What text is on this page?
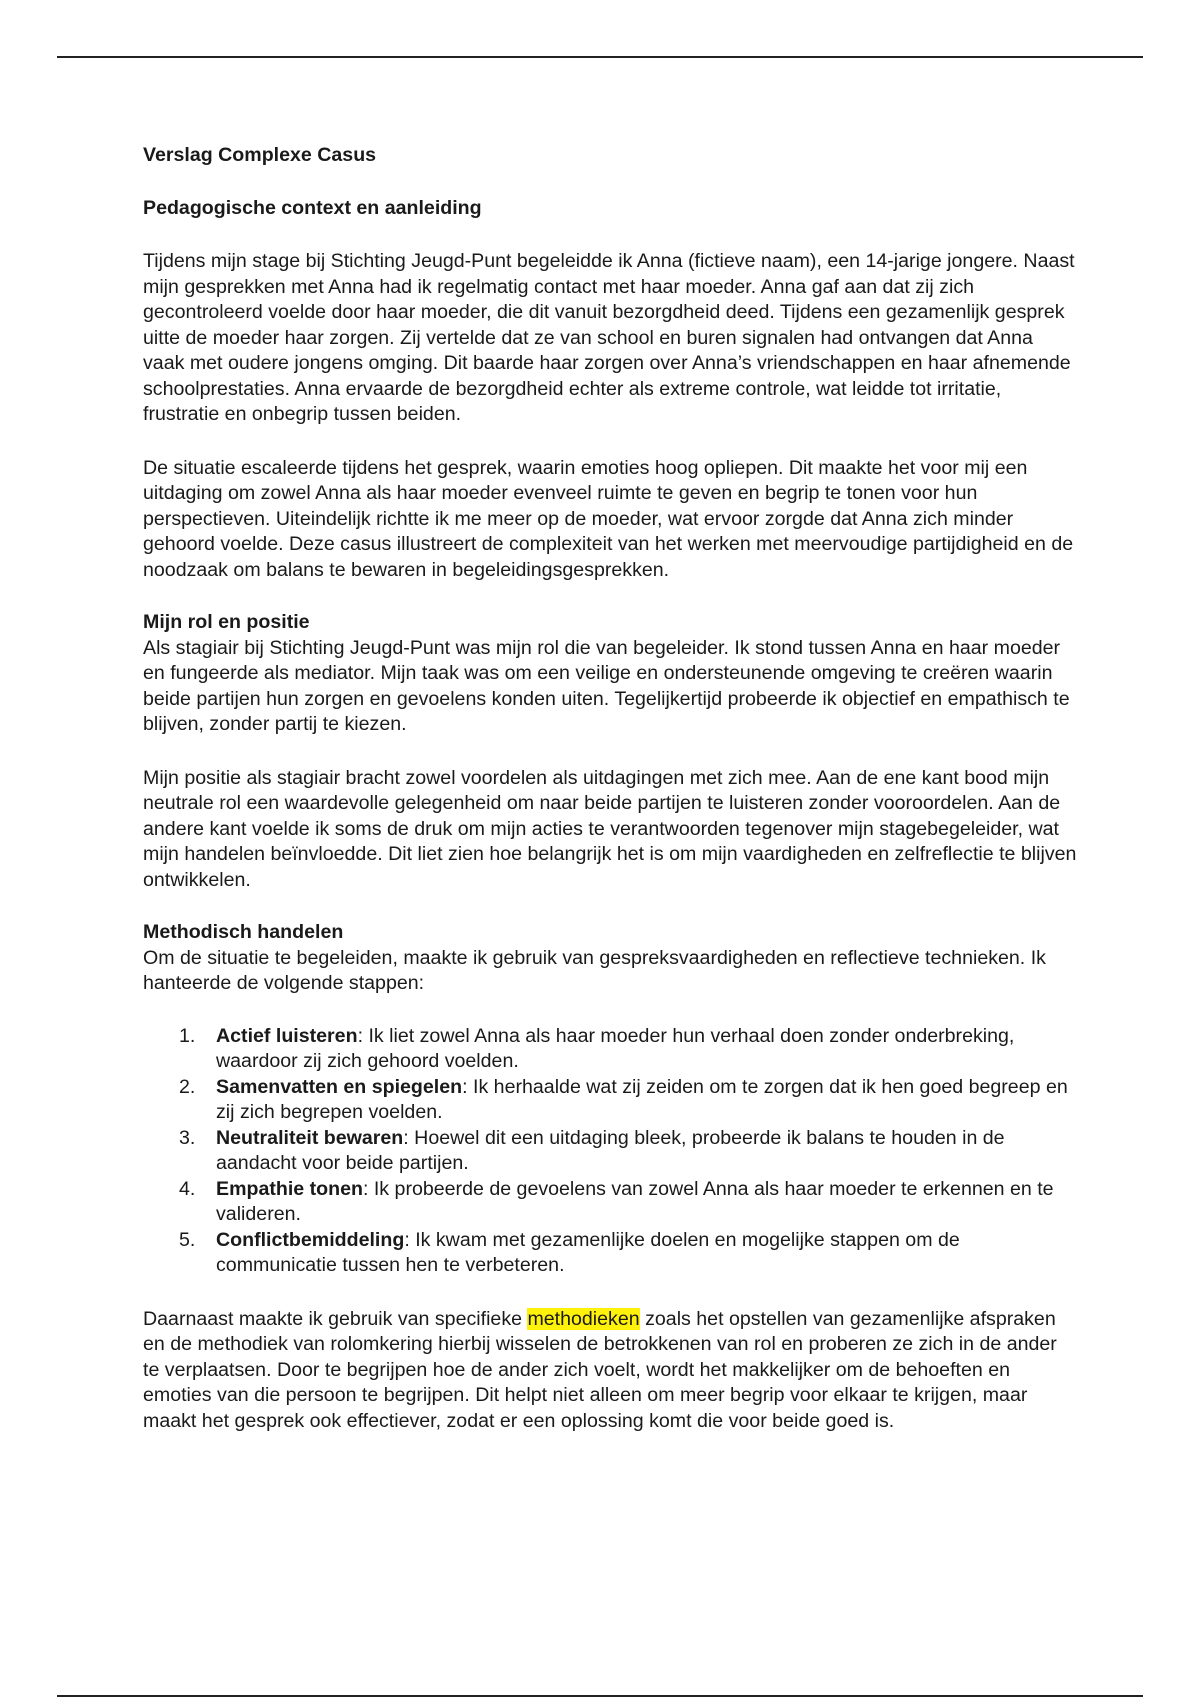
Verslag Complexe Casus

Pedagogische context en aanleiding

Tijdens mijn stage bij Stichting Jeugd-Punt begeleidde ik Anna (fictieve naam), een 14-jarige jongere. Naast mijn gesprekken met Anna had ik regelmatig contact met haar moeder. Anna gaf aan dat zij zich gecontroleerd voelde door haar moeder, die dit vanuit bezorgdheid deed. Tijdens een gezamenlijk gesprek uitte de moeder haar zorgen. Zij vertelde dat ze van school en buren signalen had ontvangen dat Anna vaak met oudere jongens omging. Dit baarde haar zorgen over Anna’s vriendschappen en haar afnemende schoolprestaties. Anna ervaarde de bezorgdheid echter als extreme controle, wat leidde tot irritatie, frustratie en onbegrip tussen beiden.

De situatie escaleerde tijdens het gesprek, waarin emoties hoog opliepen. Dit maakte het voor mij een uitdaging om zowel Anna als haar moeder evenveel ruimte te geven en begrip te tonen voor hun perspectieven. Uiteindelijk richtte ik me meer op de moeder, wat ervoor zorgde dat Anna zich minder gehoord voelde. Deze casus illustreert de complexiteit van het werken met meervoudige partijdigheid en de noodzaak om balans te bewaren in begeleidingsgesprekken.

Mijn rol en positie

Als stagiair bij Stichting Jeugd-Punt was mijn rol die van begeleider. Ik stond tussen Anna en haar moeder en fungeerde als mediator. Mijn taak was om een veilige en ondersteunende omgeving te creëren waarin beide partijen hun zorgen en gevoelens konden uiten. Tegelijkertijd probeerde ik objectief en empathisch te blijven, zonder partij te kiezen.

Mijn positie als stagiair bracht zowel voordelen als uitdagingen met zich mee. Aan de ene kant bood mijn neutrale rol een waardevolle gelegenheid om naar beide partijen te luisteren zonder vooroordelen. Aan de andere kant voelde ik soms de druk om mijn acties te verantwoorden tegenover mijn stagebegeleider, wat mijn handelen beïnvloedde. Dit liet zien hoe belangrijk het is om mijn vaardigheden en zelfreflectie te blijven ontwikkelen.

Methodisch handelen

Om de situatie te begeleiden, maakte ik gebruik van gespreksvaardigheden en reflectieve technieken. Ik hanteerde de volgende stappen:

1. Actief luisteren: Ik liet zowel Anna als haar moeder hun verhaal doen zonder onderbreking, waardoor zij zich gehoord voelden.
2. Samenvatten en spiegelen: Ik herhaalde wat zij zeiden om te zorgen dat ik hen goed begreep en zij zich begrepen voelden.
3. Neutraliteit bewaren: Hoewel dit een uitdaging bleek, probeerde ik balans te houden in de aandacht voor beide partijen.
4. Empathie tonen: Ik probeerde de gevoelens van zowel Anna als haar moeder te erkennen en te valideren.
5. Conflictbemiddeling: Ik kwam met gezamenlijke doelen en mogelijke stappen om de communicatie tussen hen te verbeteren.

Daarnaast maakte ik gebruik van specifieke methodieken zoals het opstellen van gezamenlijke afspraken en de methodiek van rolomkering hierbij wisselen de betrokkenen van rol en proberen ze zich in de ander te verplaatsen. Door te begrijpen hoe de ander zich voelt, wordt het makkelijker om de behoeften en emoties van die persoon te begrijpen. Dit helpt niet alleen om meer begrip voor elkaar te krijgen, maar maakt het gesprek ook effectiever, zodat er een oplossing komt die voor beide goed is.
